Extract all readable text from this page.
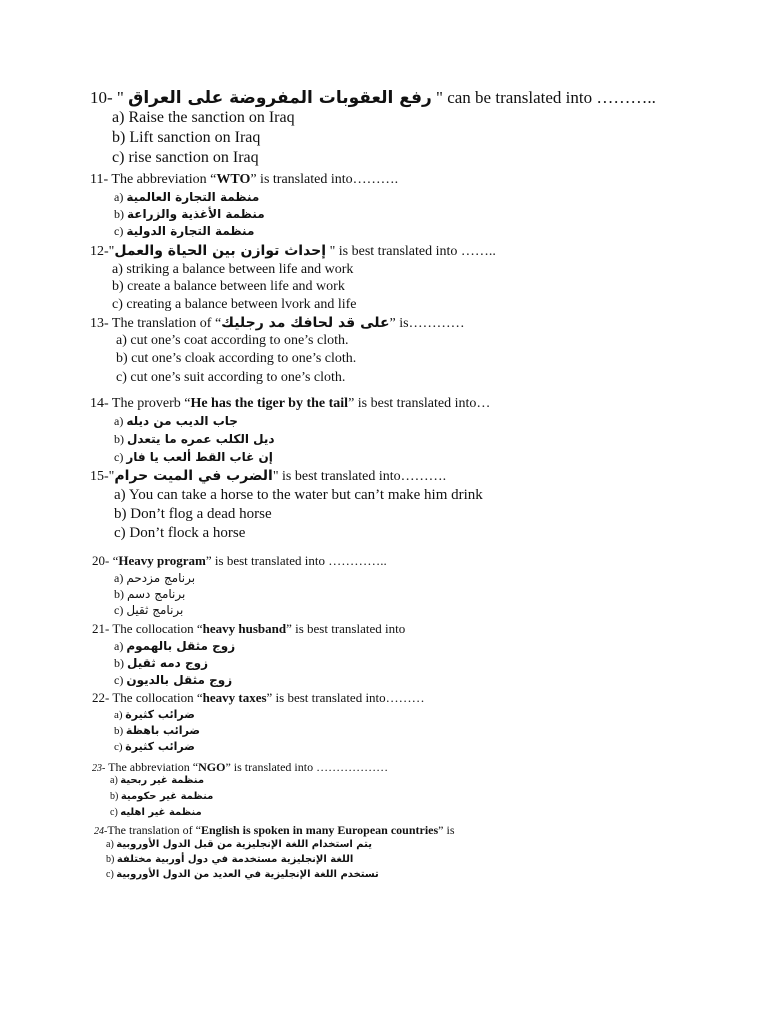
10- " رفع العقوبات المفروضة على العراق " can be translated into ………..
a) Raise the sanction on Iraq
b) Lift sanction on Iraq
c) rise sanction on Iraq
11- The abbreviation “WTO” is translated into……….
a) منظمة التجارة العالمية
b) منظمة الأغذية والزراعة
c) منظمة التجارة الدولية
12-"إحداث توازن بين الحياة والعمل " is best translated into ……..
a) striking a balance between life and work
b) create a balance between life and work
c) creating a balance between lvork and life
13- The translation of “على قد لحافك مد رجليك” is…………
a) cut one’s coat according to one’s cloth.
b) cut one’s cloak according to one’s cloth.
c) cut one’s suit according to one’s cloth.
14- The proverb “He has the tiger by the tail” is best translated into…
a) جاب الديب من ديله
b) ديل الكلب عمره ما يتعدل
c) إن غاب القط ألعب يا فار
15-"الضرب في الميت حرام" is best translated into……….
a) You can take a horse to the water but can’t make him drink
b) Don’t flog a dead horse
c) Don’t flock a horse
20- “Heavy program” is best translated into …………..
a) برنامج مزدحم
b) برنامج دسم
c) برنامج ثقيل
21- The collocation “heavy husband” is best translated into
a) زوج مثقل بالهموم
b) زوج دمه ثقيل
c) زوج مثقل بالديون
22- The collocation “heavy taxes” is best translated into………
a) ضرائب كثيرة
b) ضرائب باهظة
c) ضرائب كثيرة
23- The abbreviation “NGO” is translated into ………………
a) منظمة غير ربحية
b) منظمة غير حكومية
c) منظمة غير اهليه
24-The translation of “English is spoken in many European countries” is
a) يتم استخدام اللغة الإنجليزية من قبل الدول الأوروبية
b) اللغة الإنجليزية مستخدمة في دول أوربية مختلفة
c) تستخدم اللغة الإنجليزية في العديد من الدول الأوروبية
